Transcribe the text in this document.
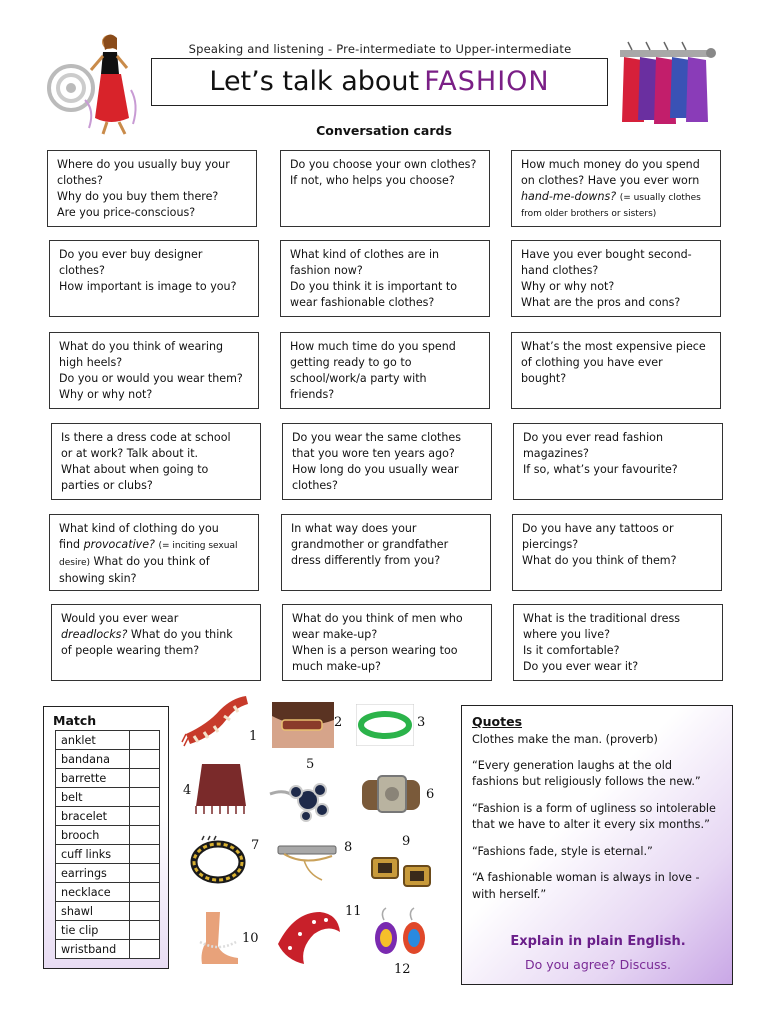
Speaking and listening - Pre-intermediate to Upper-intermediate
Let’s talk about FASHION
Conversation cards
Where do you usually buy your
clothes?
Why do you buy them there?
Are you price-conscious?
Do you choose your own clothes?
If not, who helps you choose?
How much money do you spend
on clothes? Have you ever worn
hand-me-downs? (= usually clothes
from older brothers or sisters)
Do you ever buy designer
clothes?
How important is image to you?
What kind of clothes are in
fashion now?
Do you think it is important to
wear fashionable clothes?
Have you ever bought second-
hand clothes?
Why or why not?
What are the pros and cons?
What do you think of wearing
high heels?
Do you or would you wear them?
Why or why not?
How much time do you spend
getting ready to go to
school/work/a party with
friends?
What’s the most expensive piece
of clothing you have ever
bought?
Is there a dress code at school
or at work? Talk about it.
What about when going to
parties or clubs?
Do you wear the same clothes
that you wore ten years ago?
How long do you usually wear
clothes?
Do you ever read fashion
magazines?
If so, what’s your favourite?
What kind of clothing do you
find provocative? (= inciting sexual
desire) What do you think of
showing skin?
In what way does your
grandmother or grandfather
dress differently from you?
Do you have any tattoos or
piercings?
What do you think of them?
Would you ever wear
dreadlocks? What do you think
of people wearing them?
What do you think of men who
wear make-up?
When is a person wearing too
much make-up?
What is the traditional dress
where you live?
Is it comfortable?
Do you ever wear it?
Match
anklet	
bandana	
barrette	
belt	
bracelet	
brooch	
cuff links	
earrings	
necklace	
shawl	
tie clip	
wristband	
1
2	3
4
5
6
7	8	9
10
11
12
Quotes
Clothes make the man. (proverb)
“Every generation laughs at the old fashions but religiously follows the new.”
“Fashion is a form of ugliness so intolerable that we have to alter it every six months.”
“Fashions fade, style is eternal.”
“A fashionable woman is always in love - with herself.”
Explain in plain English.
Do you agree? Discuss.
